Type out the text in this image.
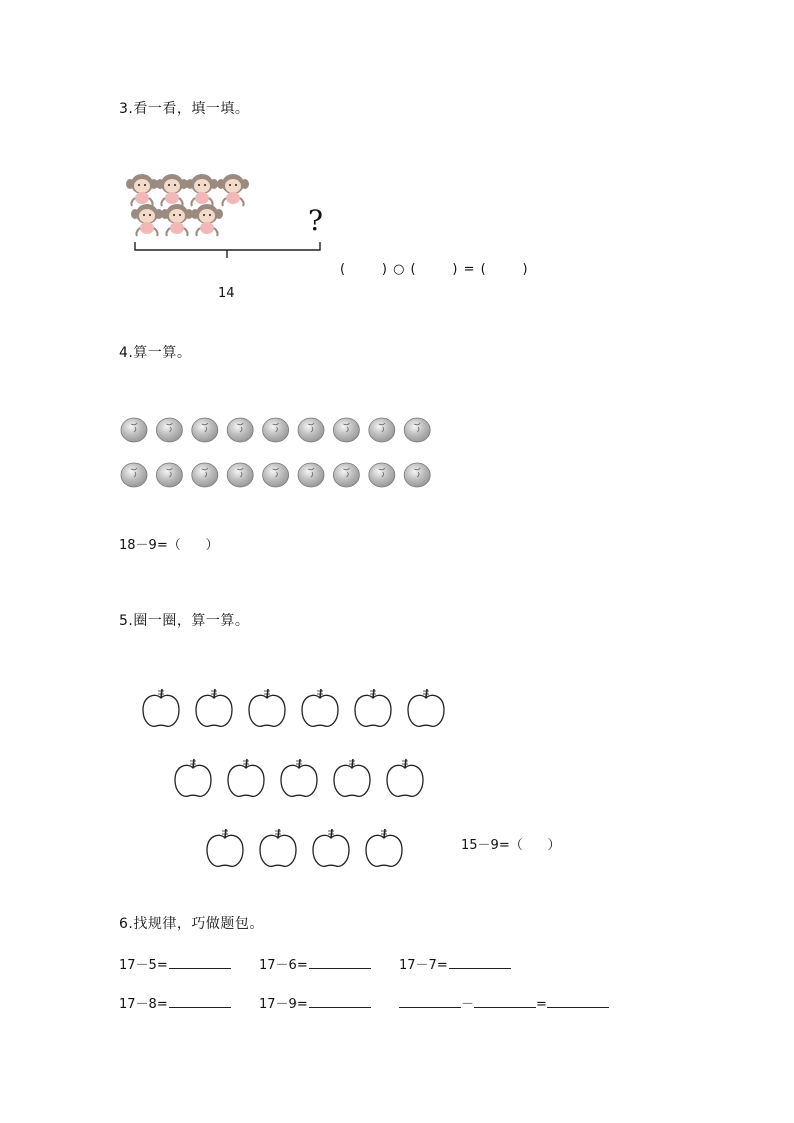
3.看一看，填一填。
?
14
(      ) ○ (      ) = (      )
4.算一算。
18－9=（      ）
5.圈一圈，算一算。
15－9=（      ）
6.找规律，巧做题包。
17－5=	17－6=	17－7=
17－8=	17－9=	－	=
